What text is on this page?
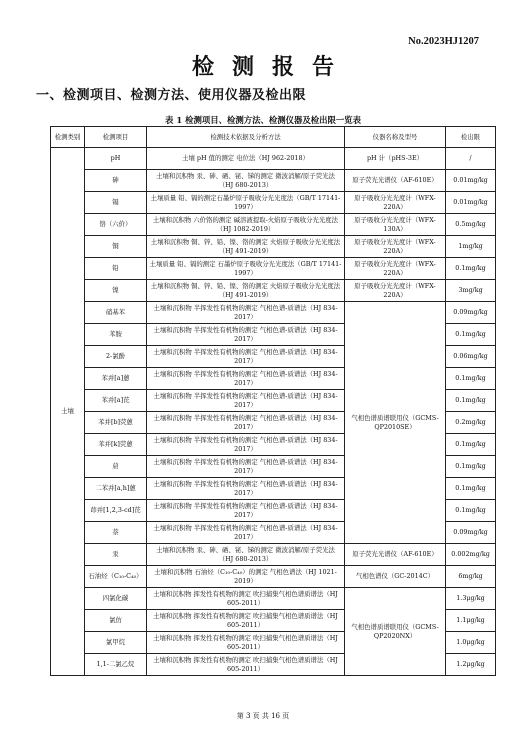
No.2023HJ1207
检测报告
一、检测项目、检测方法、使用仪器及检出限
表 1 检测项目、检测方法、检测仪器及检出限一览表
检测类别	检测项目	检测技术依据及分析方法	仪器名称及型号	检出限
土壤	pH	土壤 pH 值的测定 电位法（HJ 962-2018）	pH 计（pHS-3E）	/
	砷	土壤和沉积物 汞、砷、硒、铋、锑的测定 微波消解/原子荧光法（HJ 680-2013）	原子荧光光谱仪（AF-610E）	0.01mg/kg
	镉	土壤质量 铅、镉的测定石墨炉原子吸收分光光度法（GB/T 17141-1997）	原子吸收分光光度计（WFX-220A）	0.01mg/kg
	铬（六价）	土壤和沉积物 六价铬的测定 碱溶液提取-火焰原子吸收分光光度法（HJ 1082-2019）	原子吸收分光光度计（WFX-130A）	0.5mg/kg
	铜	土壤和沉积物 铜、锌、铅、镍、铬的测定 火焰原子吸收分光光度法（HJ 491-2019）	原子吸收分光光度计（WFX-220A）	1mg/kg
	铅	土壤质量 铅、镉的测定 石墨炉原子吸收分光光度法（GB/T 17141-1997）	原子吸收分光光度计（WFX-220A）	0.1mg/kg
	镍	土壤和沉积物 铜、锌、铅、镍、铬的测定 火焰原子吸收分光光度法（HJ 491-2019）	原子吸收分光光度计（WFX-220A）	3mg/kg
	硝基苯	土壤和沉积物 半挥发性有机物的测定 气相色谱-质谱法（HJ 834-2017）	气相色谱质谱联用仪（GCMS-QP2010SE）	0.09mg/kg
	苯胺	土壤和沉积物 半挥发性有机物的测定 气相色谱-质谱法（HJ 834-2017）		0.1mg/kg
	2-氯酚	土壤和沉积物 半挥发性有机物的测定 气相色谱-质谱法（HJ 834-2017）		0.06mg/kg
	苯并[a]蒽	土壤和沉积物 半挥发性有机物的测定 气相色谱-质谱法（HJ 834-2017）		0.1mg/kg
	苯并[a]芘	土壤和沉积物 半挥发性有机物的测定 气相色谱-质谱法（HJ 834-2017）		0.1mg/kg
	苯并[b]荧蒽	土壤和沉积物 半挥发性有机物的测定 气相色谱-质谱法（HJ 834-2017）		0.2mg/kg
	苯并[k]荧蒽	土壤和沉积物 半挥发性有机物的测定 气相色谱-质谱法（HJ 834-2017）		0.1mg/kg
	䓛	土壤和沉积物 半挥发性有机物的测定 气相色谱-质谱法（HJ 834-2017）		0.1mg/kg
	二苯并[a,h]蒽	土壤和沉积物 半挥发性有机物的测定 气相色谱-质谱法（HJ 834-2017）		0.1mg/kg
	茚并[1,2,3-cd]芘	土壤和沉积物 半挥发性有机物的测定 气相色谱-质谱法（HJ 834-2017）		0.1mg/kg
	萘	土壤和沉积物 半挥发性有机物的测定 气相色谱-质谱法（HJ 834-2017）		0.09mg/kg
	汞	土壤和沉积物 汞、砷、硒、铋、锑的测定 微波消解/原子荧光法（HJ 680-2013）	原子荧光光谱仪（AF-610E）	0.002mg/kg
	石油烃（C₁₀-C₄₀）	土壤和沉积物 石油烃（C₁₀-C₄₀）的测定 气相色谱法（HJ 1021-2019）	气相色谱仪（GC-2014C）	6mg/kg
	四氯化碳	土壤和沉积物 挥发性有机物的测定 吹扫捕集气相色谱质谱法（HJ 605-2011）	气相色谱质谱联用仪（GCMS-QP2020NX）	1.3μg/kg
	氯仿	土壤和沉积物 挥发性有机物的测定 吹扫捕集气相色谱质谱法（HJ 605-2011）		1.1μg/kg
	氯甲烷	土壤和沉积物 挥发性有机物的测定 吹扫捕集气相色谱质谱法（HJ 605-2011）		1.0μg/kg
	1,1-二氯乙烷	土壤和沉积物 挥发性有机物的测定 吹扫捕集气相色谱质谱法（HJ 605-2011）		1.2μg/kg
第 3 页 共 16 页
